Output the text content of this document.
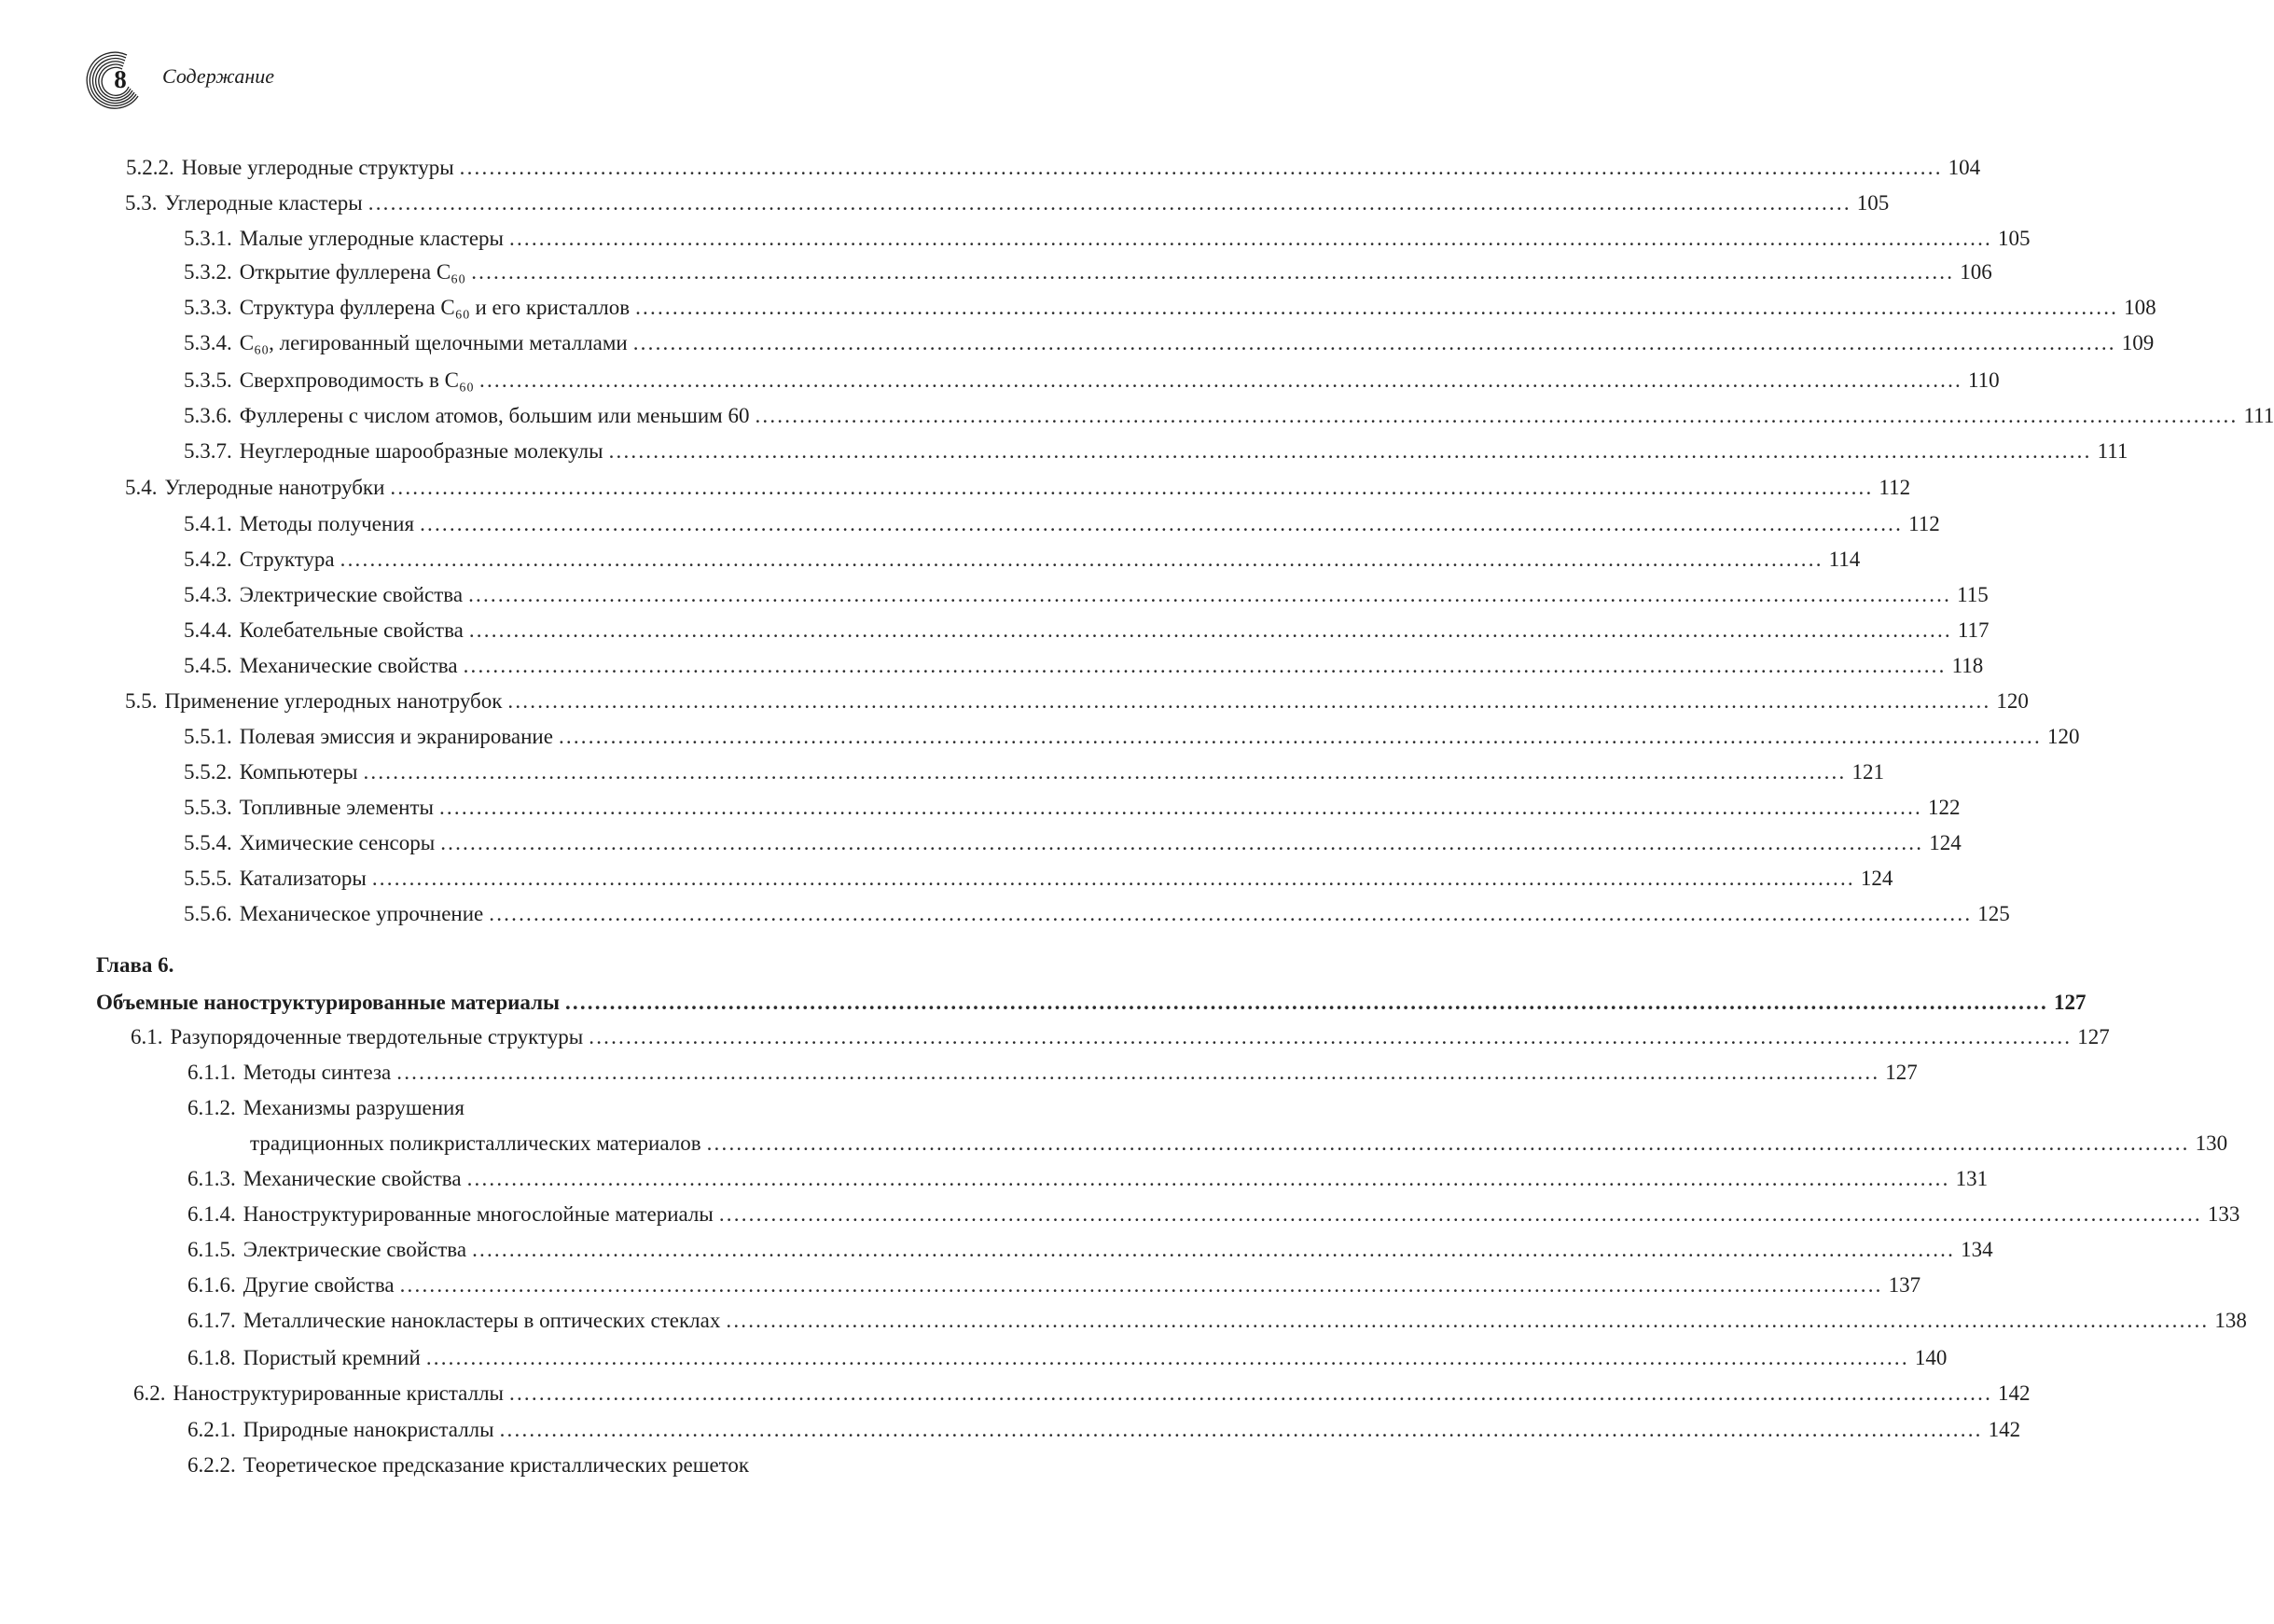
8	Содержание
5.2.2. Новые углеродные структуры ........................................................................................................................................................................................................ 104
5.3. Углеродные кластеры ........................................................................................................................................................................................................ 105
5.3.1. Малые углеродные кластеры ........................................................................................................................................................................................................ 105
5.3.2. Открытие фуллерена С₆₀ ........................................................................................................................................................................................................ 106
5.3.3. Структура фуллерена С₆₀ и его кристаллов ........................................................................................................................................................................................................ 108
5.3.4. С₆₀, легированный щелочными металлами ........................................................................................................................................................................................................ 109
5.3.5. Сверхпроводимость в С₆₀ ........................................................................................................................................................................................................ 110
5.3.6. Фуллерены с числом атомов, большим или меньшим 60 ........................................................................................................................................................................................................ 111
5.3.7. Неуглеродные шарообразные молекулы ........................................................................................................................................................................................................ 111
5.4. Углеродные нанотрубки ........................................................................................................................................................................................................ 112
5.4.1. Методы получения ........................................................................................................................................................................................................ 112
5.4.2. Структура ........................................................................................................................................................................................................ 114
5.4.3. Электрические свойства ........................................................................................................................................................................................................ 115
5.4.4. Колебательные свойства ........................................................................................................................................................................................................ 117
5.4.5. Механические свойства ........................................................................................................................................................................................................ 118
5.5. Применение углеродных нанотрубок ........................................................................................................................................................................................................ 120
5.5.1. Полевая эмиссия и экранирование ........................................................................................................................................................................................................ 120
5.5.2. Компьютеры ........................................................................................................................................................................................................ 121
5.5.3. Топливные элементы ........................................................................................................................................................................................................ 122
5.5.4. Химические сенсоры ........................................................................................................................................................................................................ 124
5.5.5. Катализаторы ........................................................................................................................................................................................................ 124
5.5.6. Механическое упрочнение ........................................................................................................................................................................................................ 125
Глава 6.
Объемные наноструктурированные материалы ........................................................................................................................................................................................................ 127
6.1. Разупорядоченные твердотельные структуры ........................................................................................................................................................................................................ 127
6.1.1. Методы синтеза ........................................................................................................................................................................................................ 127
6.1.2. Механизмы разрушения
традиционных поликристаллических материалов ........................................................................................................................................................................................................ 130
6.1.3. Механические свойства ........................................................................................................................................................................................................ 131
6.1.4. Наноструктурированные многослойные материалы ........................................................................................................................................................................................................ 133
6.1.5. Электрические свойства ........................................................................................................................................................................................................ 134
6.1.6. Другие свойства ........................................................................................................................................................................................................ 137
6.1.7. Металлические нанокластеры в оптических стеклах ........................................................................................................................................................................................................ 138
6.1.8. Пористый кремний ........................................................................................................................................................................................................ 140
6.2. Наноструктурированные кристаллы ........................................................................................................................................................................................................ 142
6.2.1. Природные нанокристаллы ........................................................................................................................................................................................................ 142
6.2.2. Теоретическое предсказание кристаллических решеток
